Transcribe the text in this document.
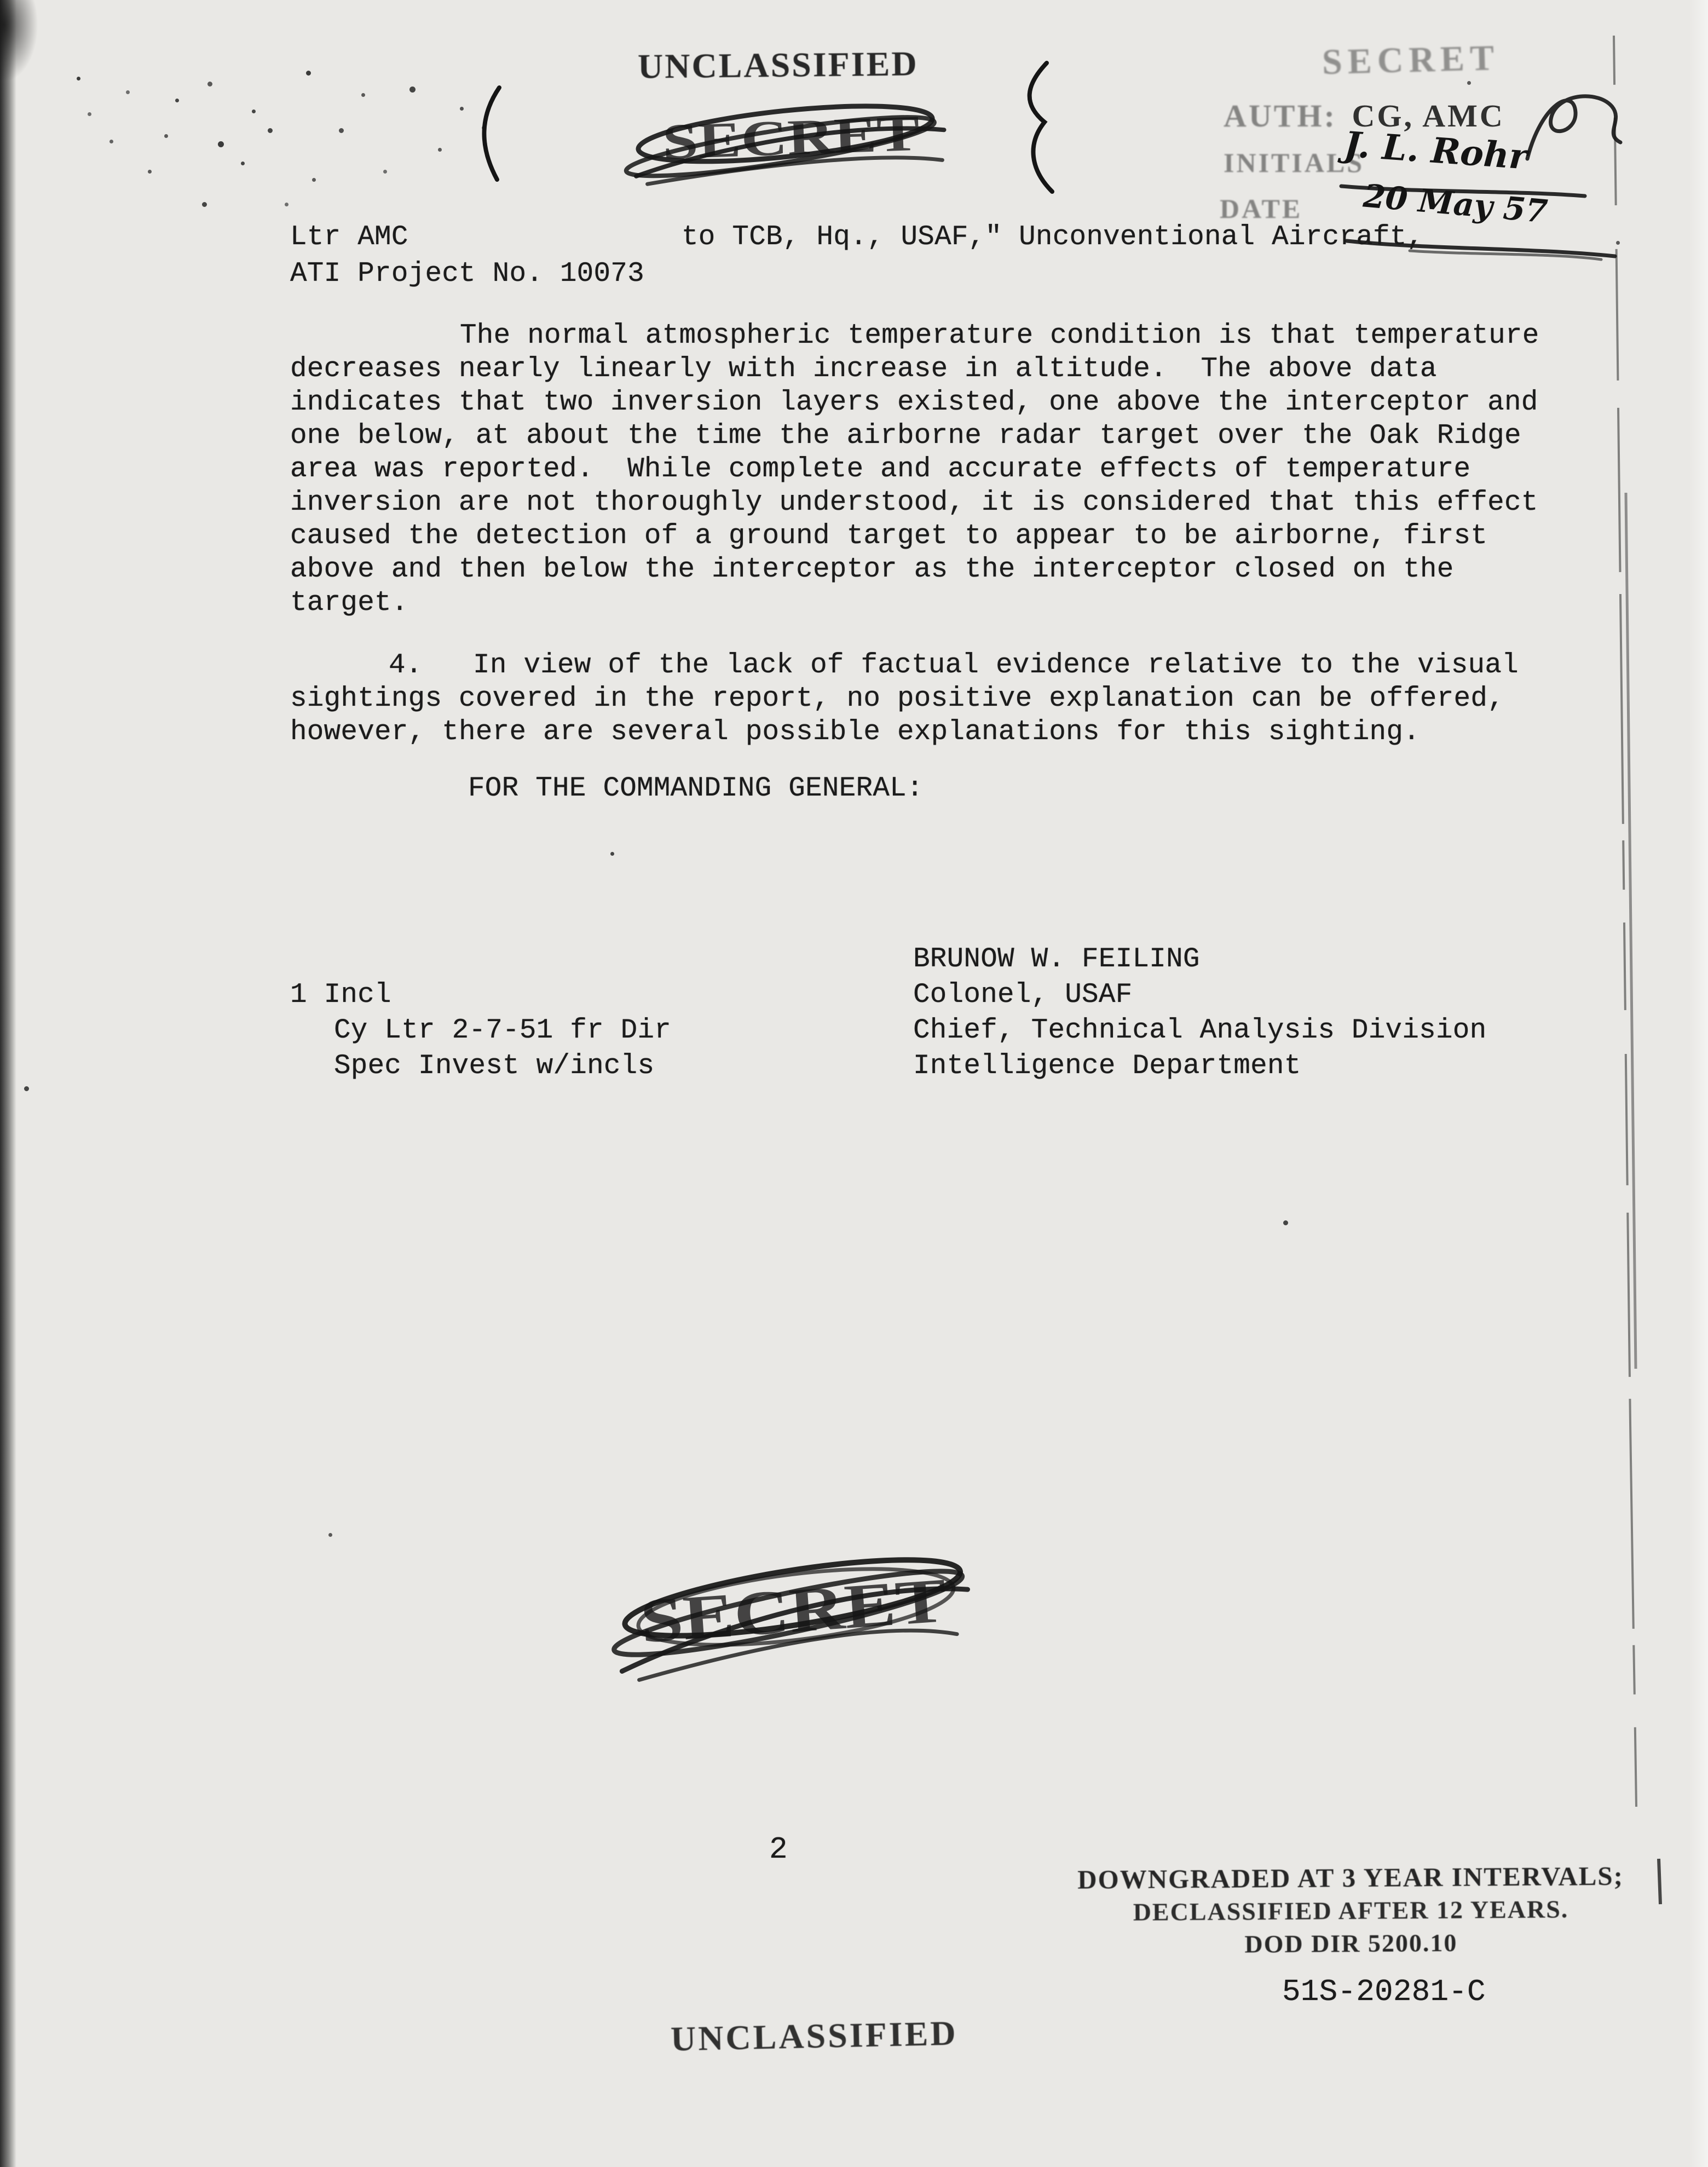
UNCLASSIFIED
SECRET
SECRET
AUTH: CG, AMC
INITIALS
J. L. Rohr
DATE 20 May 57
Ltr AMC	to TCB, Hq., USAF," Unconventional Aircraft,
ATI Project No. 10073
The normal atmospheric temperature condition is that temperature
decreases nearly linearly with increase in altitude.  The above data
indicates that two inversion layers existed, one above the interceptor and
one below, at about the time the airborne radar target over the Oak Ridge
area was reported.  While complete and accurate effects of temperature
inversion are not thoroughly understood, it is considered that this effect
caused the detection of a ground target to appear to be airborne, first
above and then below the interceptor as the interceptor closed on the
target.
4.   In view of the lack of factual evidence relative to the visual
sightings covered in the report, no positive explanation can be offered,
however, there are several possible explanations for this sighting.
FOR THE COMMANDING GENERAL:
BRUNOW W. FEILING
Colonel, USAF
Chief, Technical Analysis Division
Intelligence Department
1 Incl
Cy Ltr 2-7-51 fr Dir
Spec Invest w/incls
SECRET
2
DOWNGRADED AT 3 YEAR INTERVALS;
DECLASSIFIED AFTER 12 YEARS.
DOD DIR 5200.10
51S-20281-C
UNCLASSIFIED
